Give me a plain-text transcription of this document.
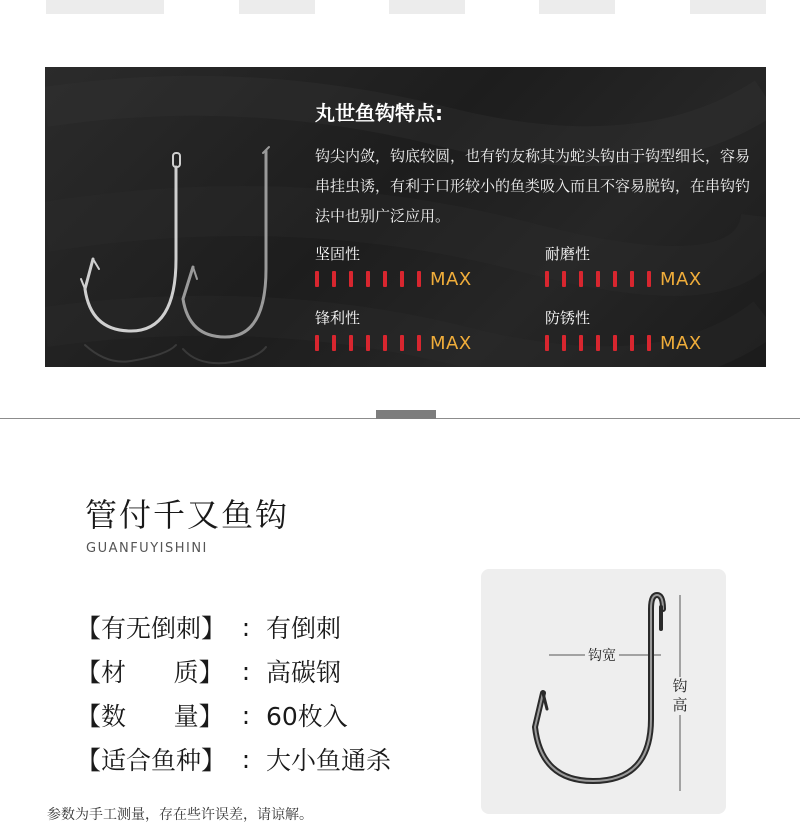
丸世鱼钩特点:
钩尖内敛，钩底较圆，也有钓友称其为蛇头钩由于钩型细长，容易串挂虫诱，有利于口形较小的鱼类吸入而且不容易脱钩，在串钩钓法中也别广泛应用。
坚固性
MAX
耐磨性
MAX
锋利性
MAX
防锈性
MAX
管付千又鱼钩
GUANFUYISHINI
【有无倒刺】 : 有倒刺
【材      质】 : 高碳钢
【数      量】 : 60枚入
【适合鱼种】 : 大小鱼通杀
参数为手工测量，存在些许误差，请谅解。
钩宽
钩高
